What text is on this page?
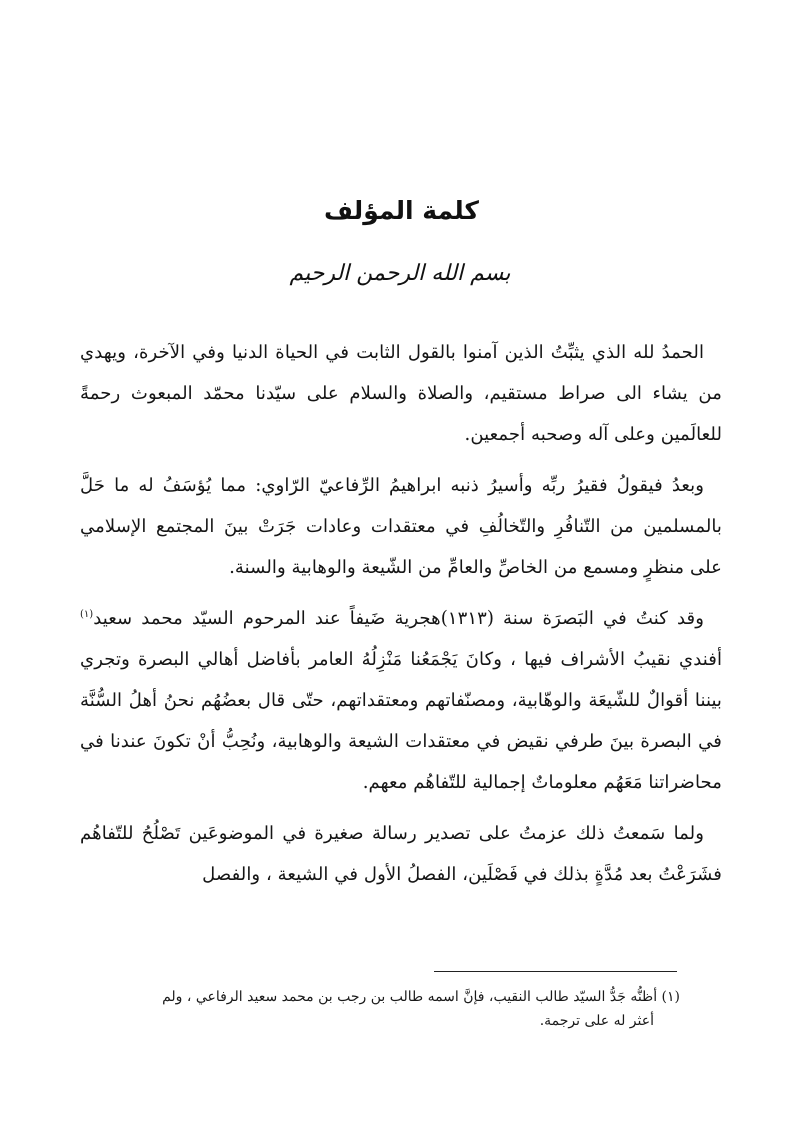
كلمة المؤلف
بسم الله الرحمن الرحيم

الحمدُ لله الذي يثبِّتُ الذين آمنوا بالقول الثابت في الحياة الدنيا وفي الآخرة، ويهدي من يشاء الى صراط مستقيم، والصلاة والسلام على سيّدنا محمّد المبعوث رحمةً للعالَمين وعلى آله وصحبه أجمعين.

وبعدُ فيقولُ فقيرُ ربِّه وأسيرُ ذنبه ابراهيمُ الرِّفاعيّ الرّاوي: مما يُؤسَفُ له ما حَلَّ بالمسلمين من التّنافُرِ والتّخالُفِ في معتقدات وعادات جَرَتْ بينَ المجتمع الإسلامي على منظرٍ ومسمع من الخاصِّ والعامِّ من الشّيعة والوهابية والسنة.

وقد كنتُ في البَصرَة سنة (١٣١٣)هجرية ضَيفاً عند المرحوم السيّد محمد سعيد$^{(١)}$ أفندي نقيبُ الأشراف فيها ، وكانَ يَجْمَعُنا مَنْزِلُهُ العامر بأفاضل أهالي البصرة وتجري بيننا أقوالٌ للشّيعَة والوهّابية، ومصنّفاتهم ومعتقداتهم، حتّى قال بعضُهُم نحنُ أهلُ السُّنَّة في البصرة بينَ طرفي نقيض في معتقدات الشيعة والوهابية، ونُحِبُّ أنْ تكونَ عندنا في محاضراتنا مَعَهُم معلوماتٌ إجمالية للتّفاهُم معهم.

ولما سَمعتُ ذلك عزمتُ على تصدير رسالة صغيرة في الموضوعَين تَصْلُحُ للتّفاهُم فشَرَعْتُ بعد مُدَّةٍ بذلك في فَصْلَين، الفصلُ الأول في الشيعة ، والفصل

(١) أظنُّه جَدُّ السيّد طالب النقيب، فإنَّ اسمه طالب بن رجب بن محمد سعيد الرفاعي ، ولم
أعثر له على ترجمة.
